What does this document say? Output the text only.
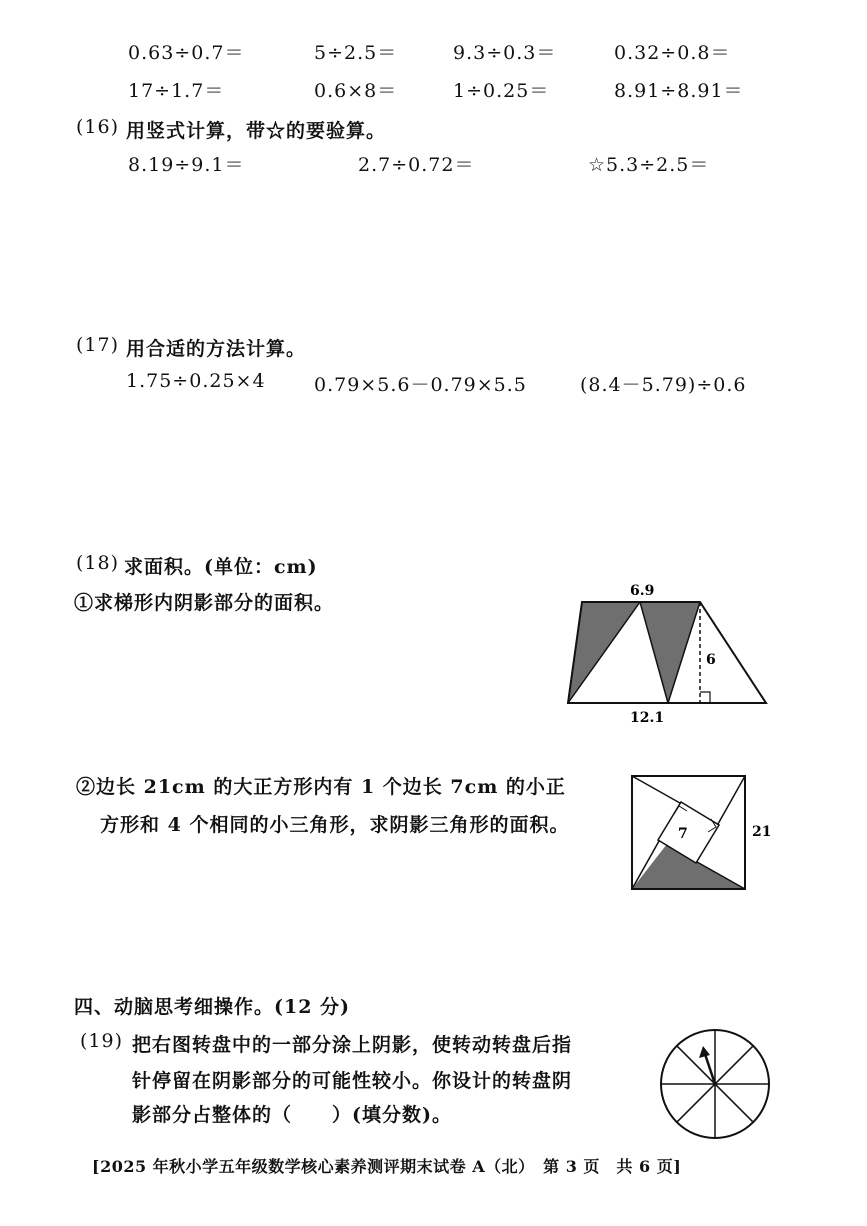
0.63÷0.7＝	5÷2.5＝	9.3÷0.3＝	0.32÷0.8＝
17÷1.7＝	0.6×8＝	1÷0.25＝	8.91÷8.91＝
(16) 用竖式计算，带☆的要验算。
8.19÷9.1＝	2.7÷0.72＝	☆5.3÷2.5＝
(17) 用合适的方法计算。
1.75÷0.25×4	0.79×5.6－0.79×5.5	(8.4－5.79)÷0.6
(18) 求面积。(单位：cm)
①求梯形内阴影部分的面积。
6.9
6
12.1
②边长 21cm 的大正方形内有 1 个边长 7cm 的小正
方形和 4 个相同的小三角形，求阴影三角形的面积。	7	21
四、动脑思考细操作。(12 分)
(19) 把右图转盘中的一部分涂上阴影，使转动转盘后指
针停留在阴影部分的可能性较小。你设计的转盘阴
影部分占整体的（　　）(填分数)。
[2025 年秋小学五年级数学核心素养测评期末试卷 A（北）　第 3 页　共 6 页]
